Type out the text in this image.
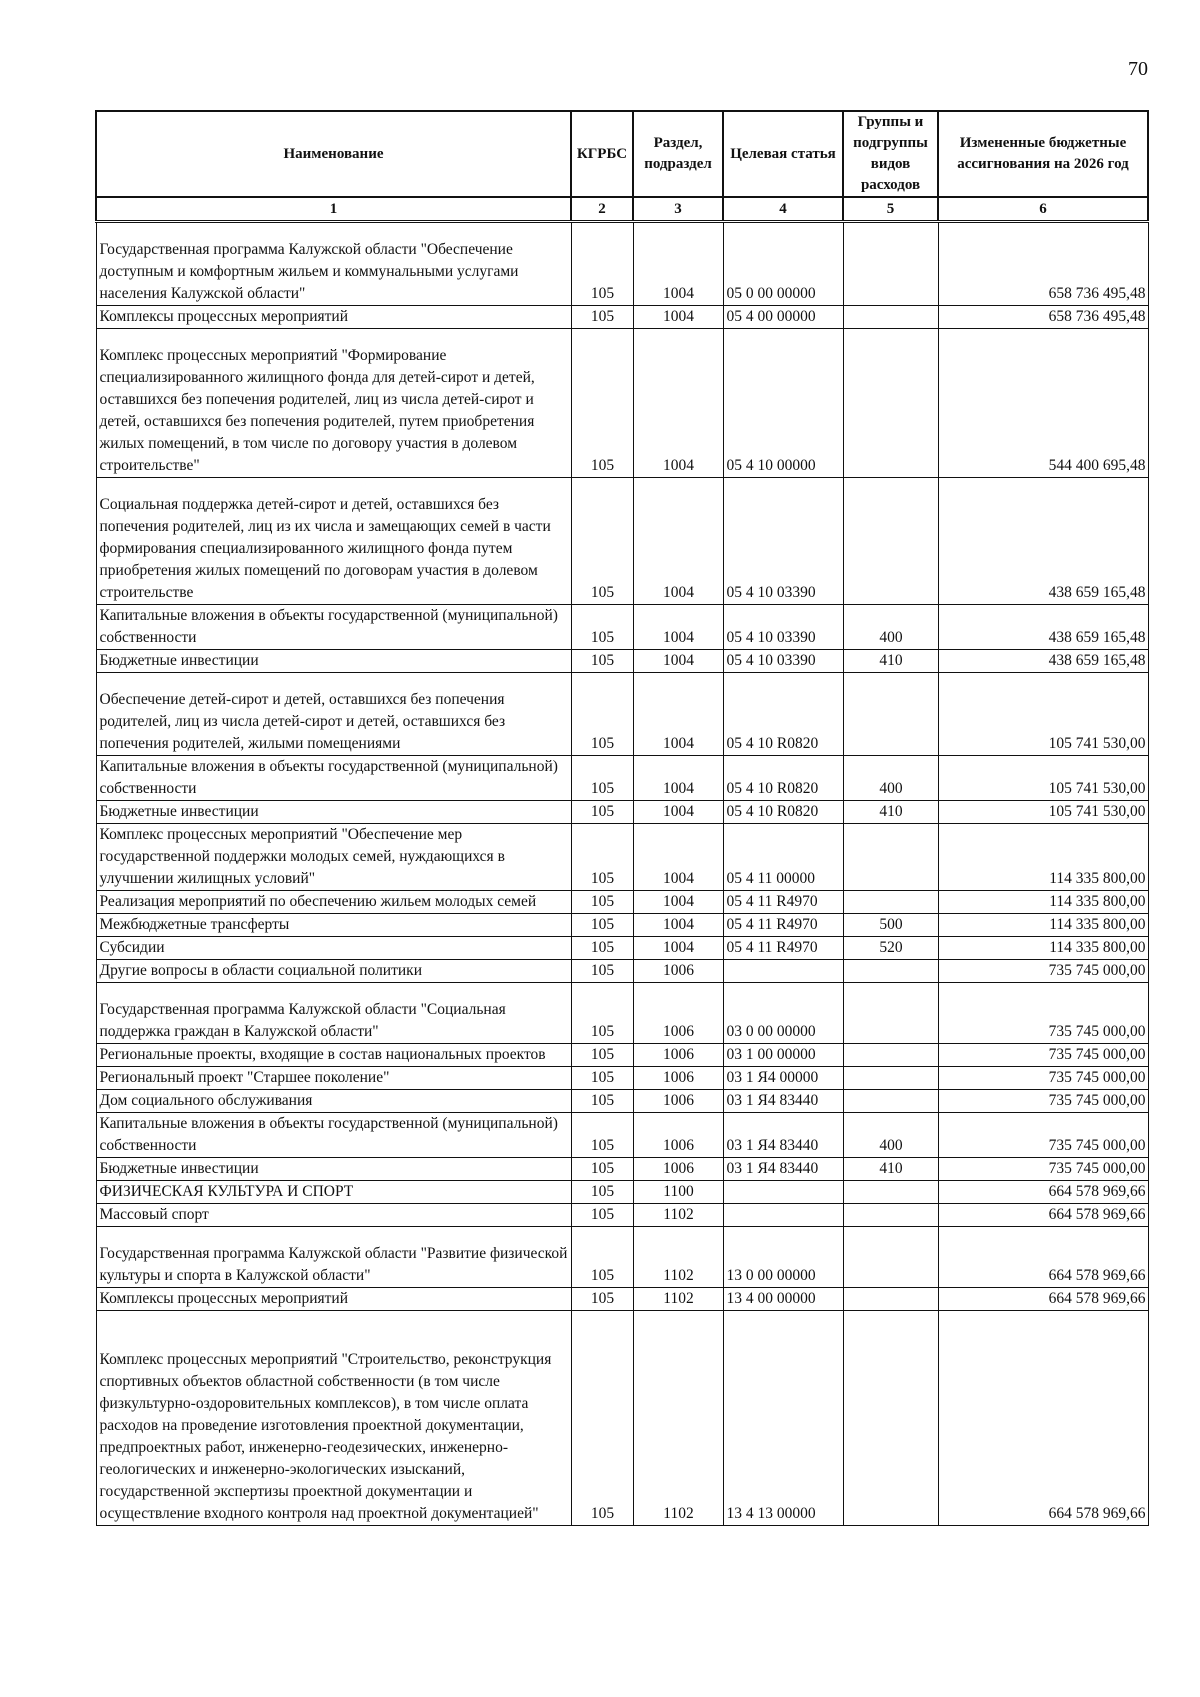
70
Наименование	КГРБС	Раздел, подраздел	Целевая статья	Группы и подгруппы видов расходов	Измененные бюджетные ассигнования на 2026 год
1	2	3	4	5	6
Государственная программа Калужской области "Обеспечение доступным и комфортным жильем и коммунальными услугами населения Калужской области"	105	1004	05 0 00 00000		658 736 495,48
Комплексы процессных мероприятий	105	1004	05 4 00 00000		658 736 495,48
Комплекс процессных мероприятий "Формирование специализированного жилищного фонда для детей-сирот и детей, оставшихся без попечения родителей, лиц из числа детей-сирот и детей, оставшихся без попечения родителей, путем приобретения жилых помещений, в том числе по договору участия в долевом строительстве"	105	1004	05 4 10 00000		544 400 695,48
Социальная поддержка детей-сирот и детей, оставшихся без попечения родителей, лиц из их числа и замещающих семей в части формирования специализированного жилищного фонда путем приобретения жилых помещений по договорам участия в долевом строительстве	105	1004	05 4 10 03390		438 659 165,48
Капитальные вложения в объекты государственной (муниципальной) собственности	105	1004	05 4 10 03390	400	438 659 165,48
Бюджетные инвестиции	105	1004	05 4 10 03390	410	438 659 165,48
Обеспечение детей-сирот и детей, оставшихся без попечения родителей, лиц из числа детей-сирот и детей, оставшихся без попечения родителей, жилыми помещениями	105	1004	05 4 10 R0820		105 741 530,00
Капитальные вложения в объекты государственной (муниципальной) собственности	105	1004	05 4 10 R0820	400	105 741 530,00
Бюджетные инвестиции	105	1004	05 4 10 R0820	410	105 741 530,00
Комплекс процессных мероприятий "Обеспечение мер государственной поддержки молодых семей, нуждающихся в улучшении жилищных условий"	105	1004	05 4 11 00000		114 335 800,00
Реализация мероприятий по обеспечению жильем молодых семей	105	1004	05 4 11 R4970		114 335 800,00
Межбюджетные трансферты	105	1004	05 4 11 R4970	500	114 335 800,00
Субсидии	105	1004	05 4 11 R4970	520	114 335 800,00
Другие вопросы в области социальной политики	105	1006			735 745 000,00
Государственная программа Калужской области "Социальная поддержка граждан в Калужской области"	105	1006	03 0 00 00000		735 745 000,00
Региональные проекты, входящие в состав национальных проектов	105	1006	03 1 00 00000		735 745 000,00
Региональный проект "Старшее поколение"	105	1006	03 1 Я4 00000		735 745 000,00
Дом социального обслуживания	105	1006	03 1 Я4 83440		735 745 000,00
Капитальные вложения в объекты государственной (муниципальной) собственности	105	1006	03 1 Я4 83440	400	735 745 000,00
Бюджетные инвестиции	105	1006	03 1 Я4 83440	410	735 745 000,00
ФИЗИЧЕСКАЯ КУЛЬТУРА И СПОРТ	105	1100			664 578 969,66
Массовый спорт	105	1102			664 578 969,66
Государственная программа Калужской области "Развитие физической культуры и спорта в Калужской области"	105	1102	13 0 00 00000		664 578 969,66
Комплексы процессных мероприятий	105	1102	13 4 00 00000		664 578 969,66
Комплекс процессных мероприятий "Строительство, реконструкция спортивных объектов областной собственности (в том числе физкультурно-оздоровительных комплексов), в том числе оплата расходов на проведение изготовления проектной документации, предпроектных работ, инженерно-геодезических, инженерно-геологических и инженерно-экологических изысканий, государственной экспертизы проектной документации и осуществление входного контроля над проектной документацией"	105	1102	13 4 13 00000		664 578 969,66
